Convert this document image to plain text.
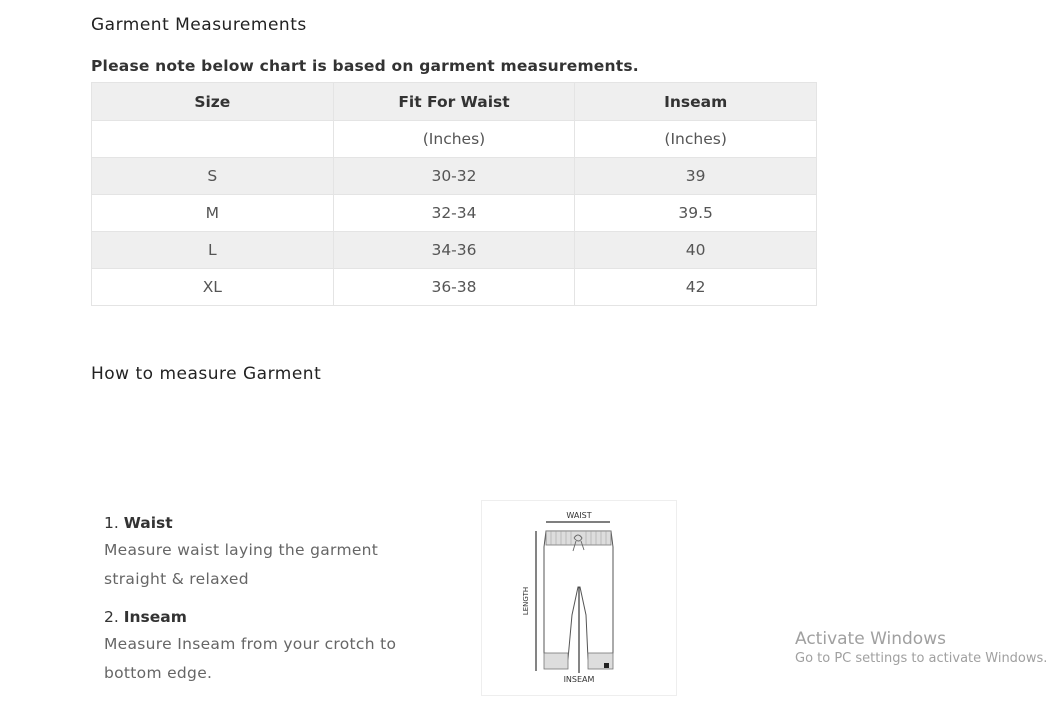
Garment Measurements

Please note below chart is based on garment measurements.

Size	Fit For Waist	Inseam
	(Inches)	(Inches)
S	30-32	39
M	32-34	39.5
L	34-36	40
XL	36-38	42
How to measure Garment
1. Waist
Measure waist laying the garment straight & relaxed
2. Inseam
Measure Inseam from your crotch to bottom edge.
WAIST
LENGTH
INSEAM
Activate Windows
Go to PC settings to activate Windows.
